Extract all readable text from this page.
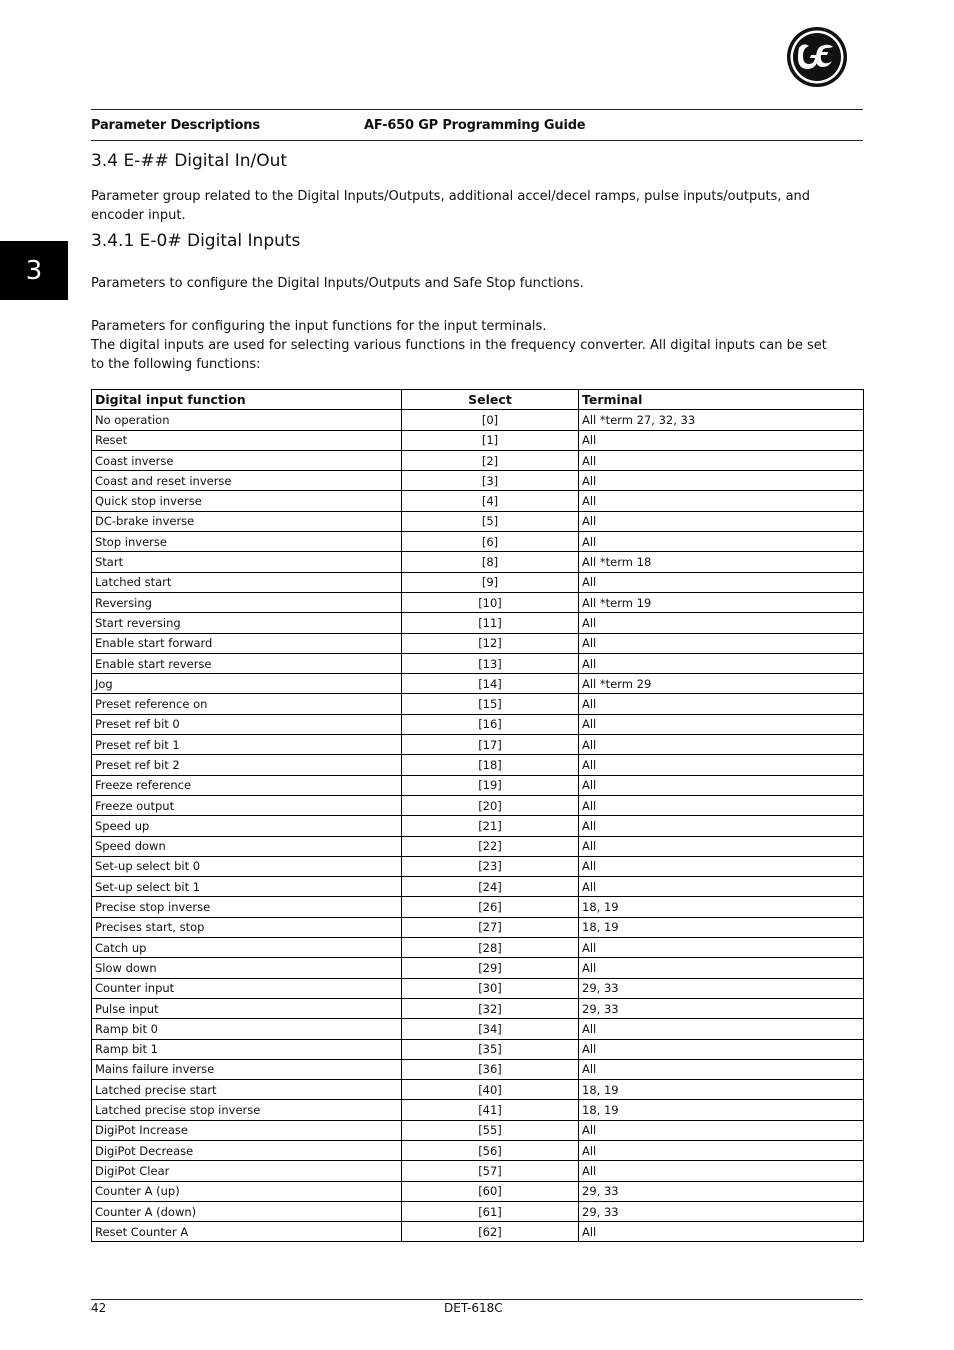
GE
Parameter Descriptions	AF-650 GP Programming Guide
3
3.4 E-## Digital In/Out
Parameter group related to the Digital Inputs/Outputs, additional accel/decel ramps, pulse inputs/outputs, and encoder input.
3.4.1 E-0# Digital Inputs
Parameters to configure the Digital Inputs/Outputs and Safe Stop functions.
Parameters for configuring the input functions for the input terminals.
The digital inputs are used for selecting various functions in the frequency converter. All digital inputs can be set to the following functions:
Digital input function	Select	Terminal
No operation	[0]	All *term 27, 32, 33
Reset	[1]	All
Coast inverse	[2]	All
Coast and reset inverse	[3]	All
Quick stop inverse	[4]	All
DC-brake inverse	[5]	All
Stop inverse	[6]	All
Start	[8]	All *term 18
Latched start	[9]	All
Reversing	[10]	All *term 19
Start reversing	[11]	All
Enable start forward	[12]	All
Enable start reverse	[13]	All
Jog	[14]	All *term 29
Preset reference on	[15]	All
Preset ref bit 0	[16]	All
Preset ref bit 1	[17]	All
Preset ref bit 2	[18]	All
Freeze reference	[19]	All
Freeze output	[20]	All
Speed up	[21]	All
Speed down	[22]	All
Set-up select bit 0	[23]	All
Set-up select bit 1	[24]	All
Precise stop inverse	[26]	18, 19
Precises start, stop	[27]	18, 19
Catch up	[28]	All
Slow down	[29]	All
Counter input	[30]	29, 33
Pulse input	[32]	29, 33
Ramp bit 0	[34]	All
Ramp bit 1	[35]	All
Mains failure inverse	[36]	All
Latched precise start	[40]	18, 19
Latched precise stop inverse	[41]	18, 19
DigiPot Increase	[55]	All
DigiPot Decrease	[56]	All
DigiPot Clear	[57]	All
Counter A (up)	[60]	29, 33
Counter A (down)	[61]	29, 33
Reset Counter A	[62]	All
42	DET-618C
